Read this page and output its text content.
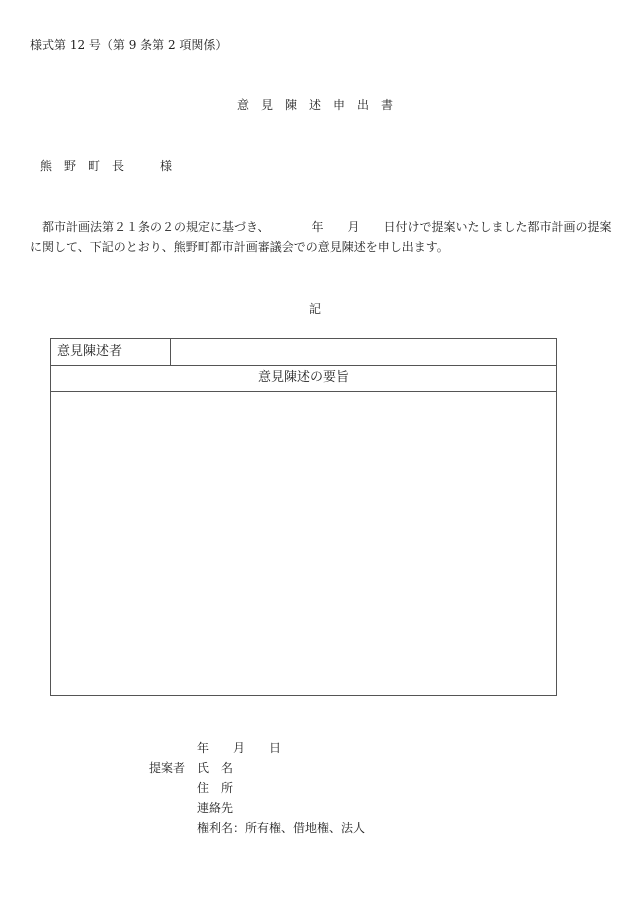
様式第 12 号（第 9 条第 2 項関係）
意　見　陳　述　申　出　書
熊　野　町　長　　　様
都市計画法第２１条の２の規定に基づき、　　　　年　　月　　日付けで提案いたしました都市計画の提案
に関して、下記のとおり、熊野町都市計画審議会での意見陳述を申し出ます。
記
意見陳述者
意見陳述の要旨
年　　月　　日
提案者 氏　名
住　所
連絡先
権利名：所有権、借地権、法人
